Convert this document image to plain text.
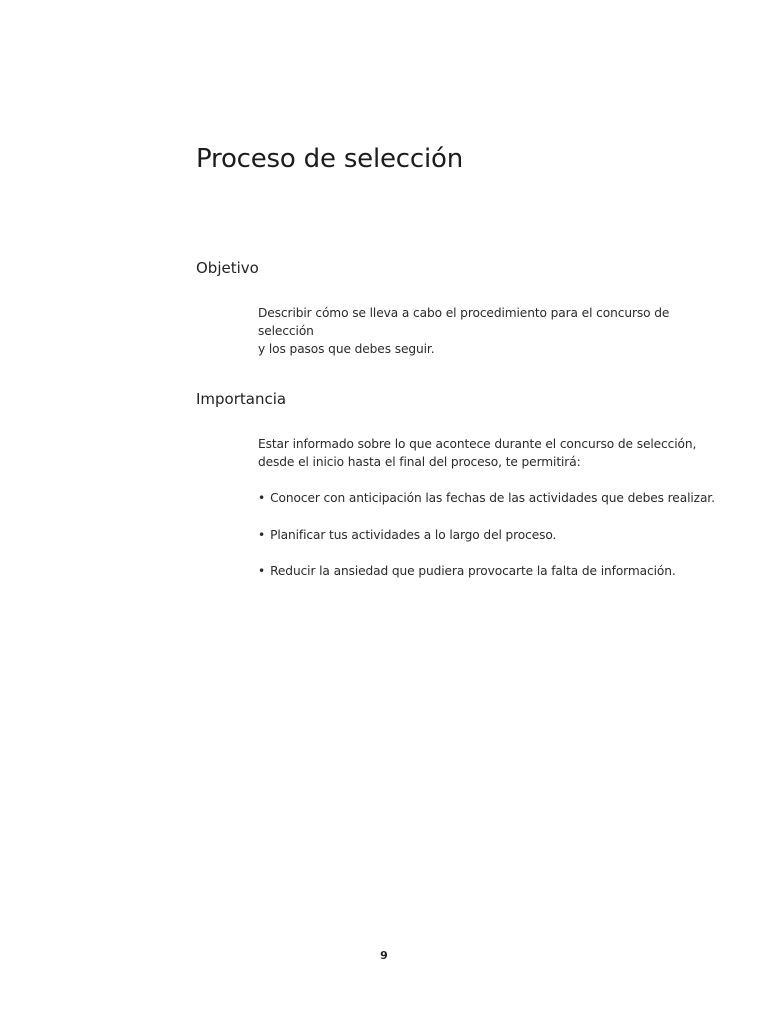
Proceso de selección
Objetivo
Describir cómo se lleva a cabo el procedimiento para el concurso de selección
y los pasos que debes seguir.
Importancia
Estar informado sobre lo que acontece durante el concurso de selección,
desde el inicio hasta el final del proceso, te permitirá:
• Conocer con anticipación las fechas de las actividades que debes realizar.
• Planificar tus actividades a lo largo del proceso.
• Reducir la ansiedad que pudiera provocarte la falta de información.
9
